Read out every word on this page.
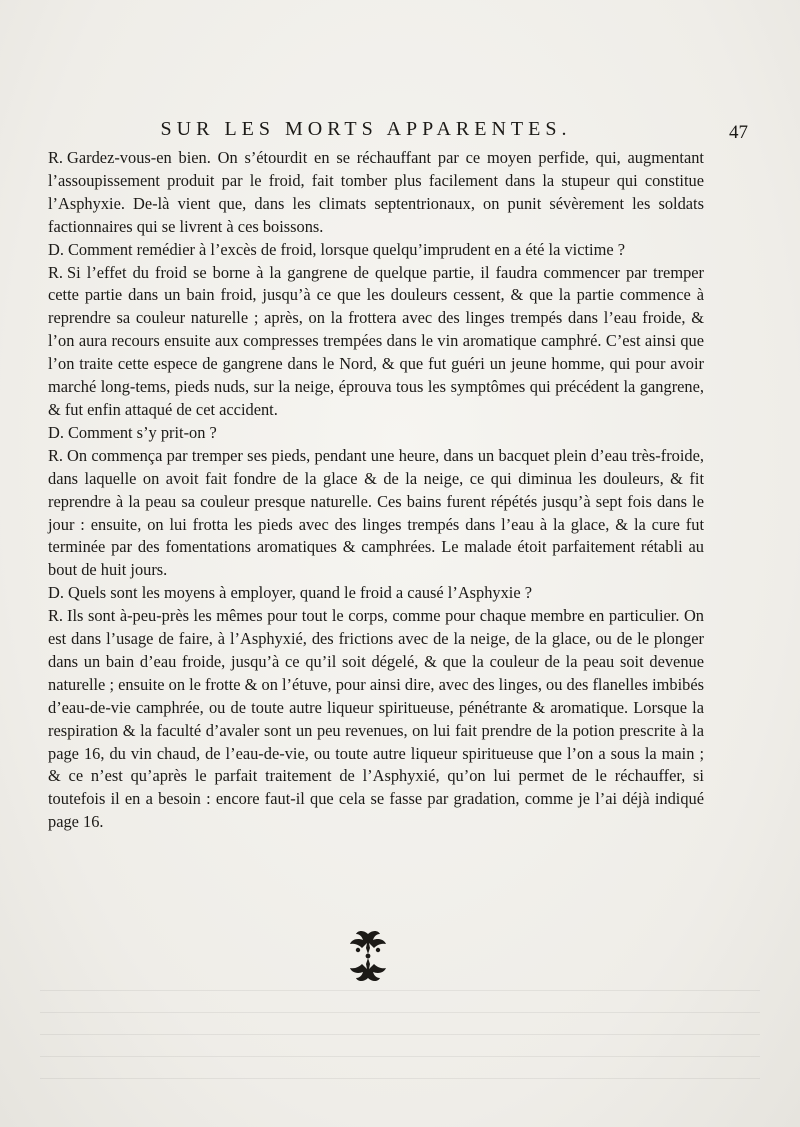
SUR LES MORTS APPARENTES.	47

R. Gardez-vous-en bien. On s’étourdit en se réchauffant par ce moyen perfide, qui, augmentant l’assoupissement produit par le froid, fait tomber plus facilement dans la stupeur qui constitue l’Asphyxie. De-là vient que, dans les climats septentrionaux, on punit sévèrement les soldats factionnaires qui se livrent à ces boissons.

D. Comment remédier à l’excès de froid, lorsque quelqu’imprudent en a été la victime ?

R. Si l’effet du froid se borne à la gangrene de quelque partie, il faudra commencer par tremper cette partie dans un bain froid, jusqu’à ce que les douleurs cessent, & que la partie commence à reprendre sa couleur naturelle ; après, on la frottera avec des linges trempés dans l’eau froide, & l’on aura recours ensuite aux compresses trempées dans le vin aromatique camphré. C’est ainsi que l’on traite cette espece de gangrene dans le Nord, & que fut guéri un jeune homme, qui pour avoir marché long-tems, pieds nuds, sur la neige, éprouva tous les symptômes qui précédent la gangrene, & fut enfin attaqué de cet accident.

D. Comment s’y prit-on ?

R. On commença par tremper ses pieds, pendant une heure, dans un bacquet plein d’eau très-froide, dans laquelle on avoit fait fondre de la glace & de la neige, ce qui diminua les douleurs, & fit reprendre à la peau sa couleur presque naturelle. Ces bains furent répétés jusqu’à sept fois dans le jour : ensuite, on lui frotta les pieds avec des linges trempés dans l’eau à la glace, & la cure fut terminée par des fomentations aromatiques & camphrées. Le malade étoit parfaitement rétabli au bout de huit jours.

D. Quels sont les moyens à employer, quand le froid a causé l’Asphyxie ?

R. Ils sont à-peu-près les mêmes pour tout le corps, comme pour chaque membre en particulier. On est dans l’usage de faire, à l’Asphyxié, des frictions avec de la neige, de la glace, ou de le plonger dans un bain d’eau froide, jusqu’à ce qu’il soit dégelé, & que la couleur de la peau soit devenue naturelle ; ensuite on le frotte & on l’étuve, pour ainsi dire, avec des linges, ou des flanelles imbibés d’eau-de-vie camphrée, ou de toute autre liqueur spiritueuse, pénétrante & aromatique. Lorsque la respiration & la faculté d’avaler sont un peu revenues, on lui fait prendre de la potion prescrite à la page 16, du vin chaud, de l’eau-de-vie, ou toute autre liqueur spiritueuse que l’on a sous la main ; & ce n’est qu’après le parfait traitement de l’Asphyxié, qu’on lui permet de le réchauffer, si toutefois il en a besoin : encore faut-il que cela se fasse par gradation, comme je l’ai déjà indiqué page 16.
